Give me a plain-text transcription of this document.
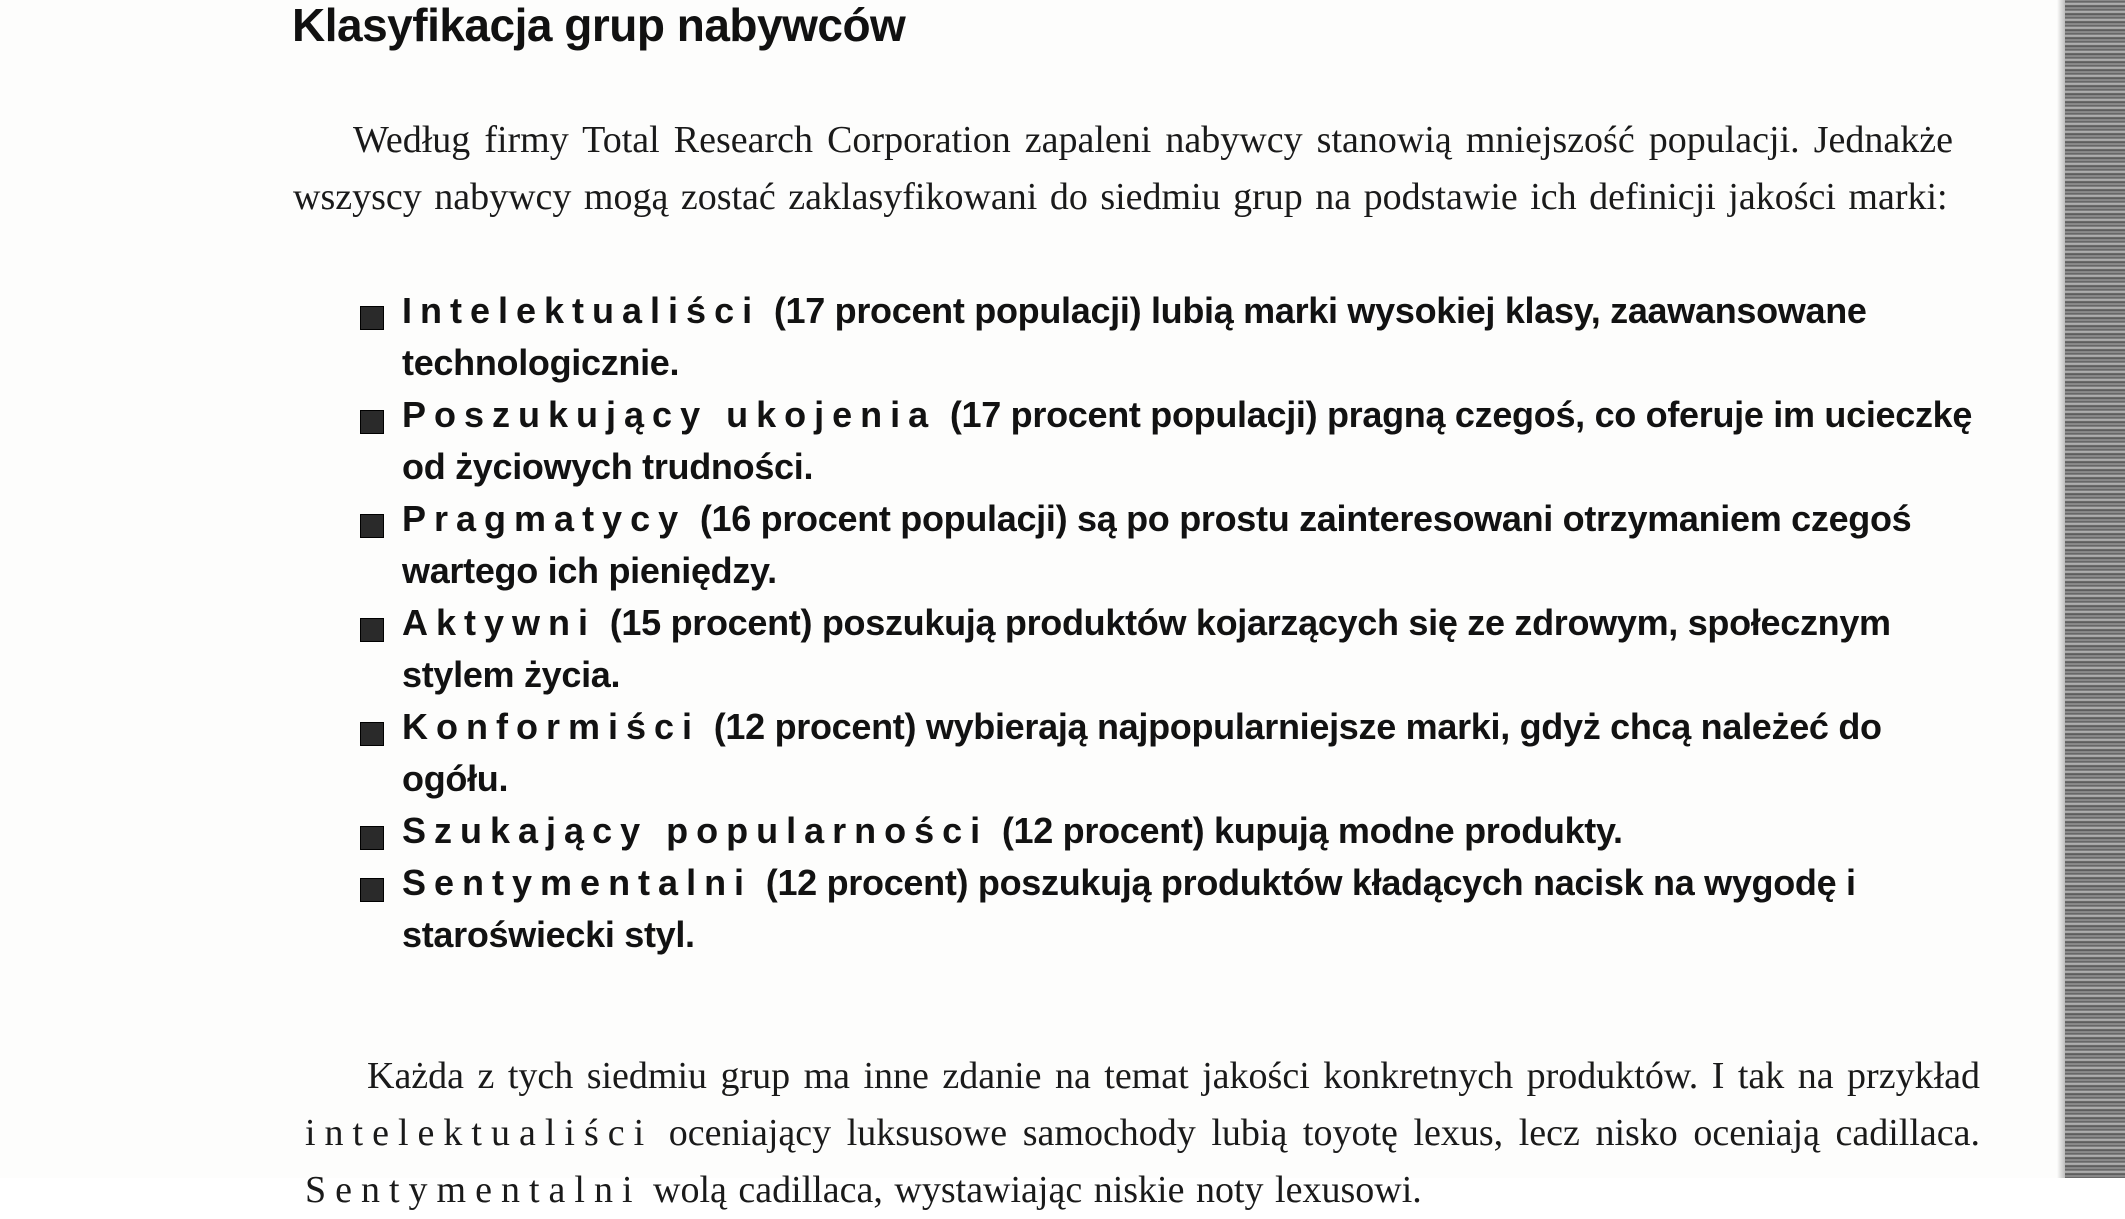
Klasyfikacja grup nabywców

Według firmy Total Research Corporation zapaleni nabywcy stanowią mniejszość populacji. Jednakże wszyscy nabywcy mogą zostać zaklasyfikowani do siedmiu grup na podstawie ich definicji jakości marki:

Intelektualiści (17 procent populacji) lubią marki wysokiej klasy, zaawansowane technologicznie.
Poszukujący ukojenia (17 procent populacji) pragną czegoś, co oferuje im ucieczkę od życiowych trudności.
Pragmatycy (16 procent populacji) są po prostu zainteresowani otrzymaniem czegoś wartego ich pieniędzy.
Aktywni (15 procent) poszukują produktów kojarzących się ze zdrowym, społecznym stylem życia.
Konformiści (12 procent) wybierają najpopularniejsze marki, gdyż chcą należeć do ogółu.
Szukający popularności (12 procent) kupują modne produkty.
Sentymentalni (12 procent) poszukują produktów kładących nacisk na wygodę i staroświecki styl.

Każda z tych siedmiu grup ma inne zdanie na temat jakości konkretnych produktów. I tak na przykład intelektualiści oceniający luksusowe samochody lubią toyotę lexus, lecz nisko oceniają cadillaca. Sentymentalni wolą cadillaca, wystawiając niskie noty lexusowi.
